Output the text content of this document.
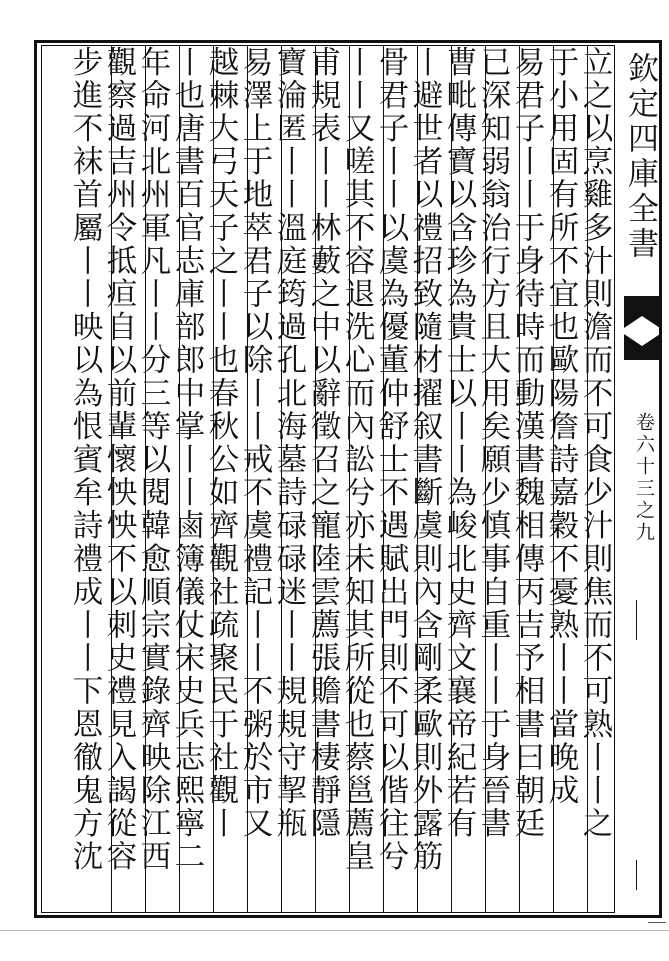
欽定四庫全書
卷六十三之九
立之以烹雞多汁則澹而不可食少汁則焦而不可熟丨丨之
于小用固有所不宜也歐陽詹詩嘉穀不憂熟丨丨當晚成
易君子丨丨于身待時而動漢書魏相傳丙吉予相書曰朝廷
已深知弱翁治行方且大用矣願少慎事自重丨丨于身晉書
曹毗傳寶以含珍為貴士以丨丨為峻北史齊文襄帝紀若有
丨避世者以禮招致隨材擢叙書斷虞則內含剛柔歐則外露筋
骨君子丨丨以虞為優董仲舒士不遇賦出門則不可以偕往兮
丨丨又嗟其不容退洗心而內訟兮亦未知其所從也蔡邕薦皇
甫規表丨丨林藪之中以辭徵召之寵陸雲薦張贍書棲靜隱
寶淪匿丨丨溫庭筠過孔北海墓詩碌碌迷丨丨規規守挈瓶
易澤上于地萃君子以除丨丨戒不虞禮記丨丨不粥於市又
越棘大弓天子之丨丨也春秋公如齊觀社疏聚民于社觀丨
丨也唐書百官志庫部郎中掌丨丨鹵簿儀仗宋史兵志熙寧二
年命河北州軍凡丨丨分三等以閱韓愈順宗實錄齊映除江西
觀察過吉州令抵疸自以前輩懷怏怏不以刺史禮見入謁從容
步進不袜首屬丨丨映以為恨賓牟詩禮成丨丨下恩徹鬼方沈
